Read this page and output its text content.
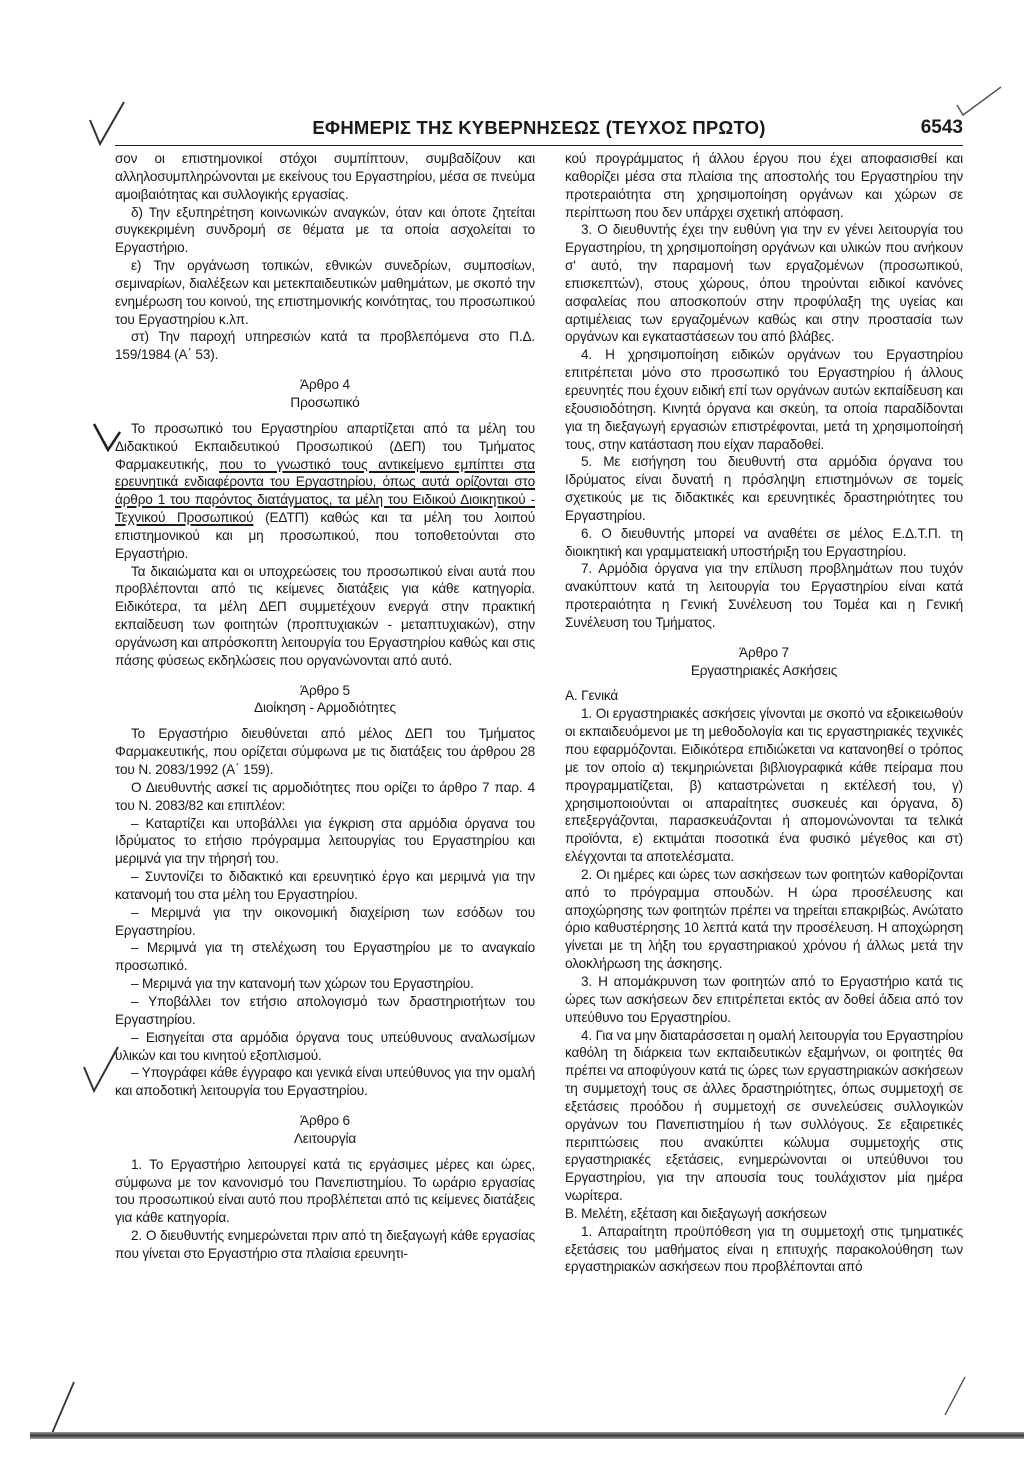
ΕΦΗΜΕΡΙΣ ΤΗΣ ΚΥΒΕΡΝΗΣΕΩΣ (ΤΕΥΧΟΣ ΠΡΩΤΟ)	6543

σον οι επιστημονικοί στόχοι συμπίπτουν, συμβαδίζουν και αλληλοσυμπληρώνονται με εκείνους του Εργαστηρίου, μέσα σε πνεύμα αμοιβαιότητας και συλλογικής εργασίας.

δ) Την εξυπηρέτηση κοινωνικών αναγκών, όταν και όποτε ζητείται συγκεκριμένη συνδρομή σε θέματα με τα οποία ασχολείται το Εργαστήριο.

ε) Την οργάνωση τοπικών, εθνικών συνεδρίων, συμποσίων, σεμιναρίων, διαλέξεων και μετεκπαιδευτικών μαθημάτων, με σκοπό την ενημέρωση του κοινού, της επιστημονικής κοινότητας, του προσωπικού του Εργαστηρίου κ.λπ.

στ) Την παροχή υπηρεσιών κατά τα προβλεπόμενα στο Π.Δ. 159/1984 (Α΄ 53).

Άρθρο 4
Προσωπικό

Το προσωπικό του Εργαστηρίου απαρτίζεται από τα μέλη του Διδακτικού Εκπαιδευτικού Προσωπικού (ΔΕΠ) του Τμήματος Φαρμακευτικής, που το γνωστικό τους αντικείμενο εμπίπτει στα ερευνητικά ενδιαφέροντα του Εργαστηρίου, όπως αυτά ορίζονται στο άρθρο 1 του παρόντος διατάγματος, τα μέλη του Ειδικού Διοικητικού - Τεχνικού Προσωπικού (ΕΔΤΠ) καθώς και τα μέλη του λοιπού επιστημονικού και μη προσωπικού, που τοποθετούνται στο Εργαστήριο.

Τα δικαιώματα και οι υποχρεώσεις του προσωπικού είναι αυτά που προβλέπονται από τις κείμενες διατάξεις για κάθε κατηγορία. Ειδικότερα, τα μέλη ΔΕΠ συμμετέχουν ενεργά στην πρακτική εκπαίδευση των φοιτητών (προπτυχιακών - μεταπτυχιακών), στην οργάνωση και απρόσκοπτη λειτουργία του Εργαστηρίου καθώς και στις πάσης φύσεως εκδηλώσεις που οργανώνονται από αυτό.

Άρθρο 5
Διοίκηση - Αρμοδιότητες

Το Εργαστήριο διευθύνεται από μέλος ΔΕΠ του Τμήματος Φαρμακευτικής, που ορίζεται σύμφωνα με τις διατάξεις του άρθρου 28 του Ν. 2083/1992 (Α΄ 159).

Ο Διευθυντής ασκεί τις αρμοδιότητες που ορίζει το άρθρο 7 παρ. 4 του Ν. 2083/82 και επιπλέον:

– Καταρτίζει και υποβάλλει για έγκριση στα αρμόδια όργανα του Ιδρύματος το ετήσιο πρόγραμμα λειτουργίας του Εργαστηρίου και μεριμνά για την τήρησή του.

– Συντονίζει το διδακτικό και ερευνητικό έργο και μεριμνά για την κατανομή του στα μέλη του Εργαστηρίου.

– Μεριμνά για την οικονομική διαχείριση των εσόδων του Εργαστηρίου.

– Μεριμνά για τη στελέχωση του Εργαστηρίου με το αναγκαίο προσωπικό.

– Μεριμνά για την κατανομή των χώρων του Εργαστηρίου.

– Υποβάλλει τον ετήσιο απολογισμό των δραστηριοτήτων του Εργαστηρίου.

– Εισηγείται στα αρμόδια όργανα τους υπεύθυνους αναλωσίμων υλικών και του κινητού εξοπλισμού.

– Υπογράφει κάθε έγγραφο και γενικά είναι υπεύθυνος για την ομαλή και αποδοτική λειτουργία του Εργαστηρίου.

Άρθρο 6
Λειτουργία

1. Το Εργαστήριο λειτουργεί κατά τις εργάσιμες μέρες και ώρες, σύμφωνα με τον κανονισμό του Πανεπιστημίου. Το ωράριο εργασίας του προσωπικού είναι αυτό που προβλέπεται από τις κείμενες διατάξεις για κάθε κατηγορία.

2. Ο διευθυντής ενημερώνεται πριν από τη διεξαγωγή κάθε εργασίας που γίνεται στο Εργαστήριο στα πλαίσια ερευνητι-

κού προγράμματος ή άλλου έργου που έχει αποφασισθεί και καθορίζει μέσα στα πλαίσια της αποστολής του Εργαστηρίου την προτεραιότητα στη χρησιμοποίηση οργάνων και χώρων σε περίπτωση που δεν υπάρχει σχετική απόφαση.

3. Ο διευθυντής έχει την ευθύνη για την εν γένει λειτουργία του Εργαστηρίου, τη χρησιμοποίηση οργάνων και υλικών που ανήκουν σ' αυτό, την παραμονή των εργαζομένων (προσωπικού, επισκεπτών), στους χώρους, όπου τηρούνται ειδικοί κανόνες ασφαλείας που αποσκοπούν στην προφύλαξη της υγείας και αρτιμέλειας των εργαζομένων καθώς και στην προστασία των οργάνων και εγκαταστάσεων του από βλάβες.

4. Η χρησιμοποίηση ειδικών οργάνων του Εργαστηρίου επιτρέπεται μόνο στο προσωπικό του Εργαστηρίου ή άλλους ερευνητές που έχουν ειδική επί των οργάνων αυτών εκπαίδευση και εξουσιοδότηση. Κινητά όργανα και σκεύη, τα οποία παραδίδονται για τη διεξαγωγή εργασιών επιστρέφονται, μετά τη χρησιμοποίησή τους, στην κατάσταση που είχαν παραδοθεί.

5. Με εισήγηση του διευθυντή στα αρμόδια όργανα του Ιδρύματος είναι δυνατή η πρόσληψη επιστημόνων σε τομείς σχετικούς με τις διδακτικές και ερευνητικές δραστηριότητες του Εργαστηρίου.

6. Ο διευθυντής μπορεί να αναθέτει σε μέλος Ε.Δ.Τ.Π. τη διοικητική και γραμματειακή υποστήριξη του Εργαστηρίου.

7. Αρμόδια όργανα για την επίλυση προβλημάτων που τυχόν ανακύπτουν κατά τη λειτουργία του Εργαστηρίου είναι κατά προτεραιότητα η Γενική Συνέλευση του Τομέα και η Γενική Συνέλευση του Τμήματος.

Άρθρο 7
Εργαστηριακές Ασκήσεις

Α. Γενικά

1. Οι εργαστηριακές ασκήσεις γίνονται με σκοπό να εξοικειωθούν οι εκπαιδευόμενοι με τη μεθοδολογία και τις εργαστηριακές τεχνικές που εφαρμόζονται. Ειδικότερα επιδιώκεται να κατανοηθεί ο τρόπος με τον οποίο α) τεκμηριώνεται βιβλιογραφικά κάθε πείραμα που προγραμματίζεται, β) καταστρώνεται η εκτέλεσή του, γ) χρησιμοποιούνται οι απαραίτητες συσκευές και όργανα, δ) επεξεργάζονται, παρασκευάζονται ή απομονώνονται τα τελικά προϊόντα, ε) εκτιμάται ποσοτικά ένα φυσικό μέγεθος και στ) ελέγχονται τα αποτελέσματα.

2. Οι ημέρες και ώρες των ασκήσεων των φοιτητών καθορίζονται από το πρόγραμμα σπουδών. Η ώρα προσέλευσης και αποχώρησης των φοιτητών πρέπει να τηρείται επακριβώς. Ανώτατο όριο καθυστέρησης 10 λεπτά κατά την προσέλευση. Η αποχώρηση γίνεται με τη λήξη του εργαστηριακού χρόνου ή άλλως μετά την ολοκλήρωση της άσκησης.

3. Η απομάκρυνση των φοιτητών από το Εργαστήριο κατά τις ώρες των ασκήσεων δεν επιτρέπεται εκτός αν δοθεί άδεια από τον υπεύθυνο του Εργαστηρίου.

4. Για να μην διαταράσσεται η ομαλή λειτουργία του Εργαστηρίου καθόλη τη διάρκεια των εκπαιδευτικών εξαμήνων, οι φοιτητές θα πρέπει να αποφύγουν κατά τις ώρες των εργαστηριακών ασκήσεων τη συμμετοχή τους σε άλλες δραστηριότητες, όπως συμμετοχή σε εξετάσεις προόδου ή συμμετοχή σε συνελεύσεις συλλογικών οργάνων του Πανεπιστημίου ή των συλλόγους. Σε εξαιρετικές περιπτώσεις που ανακύπτει κώλυμα συμμετοχής στις εργαστηριακές εξετάσεις, ενημερώνονται οι υπεύθυνοι του Εργαστηρίου, για την απουσία τους τουλάχιστον μία ημέρα νωρίτερα.

Β. Μελέτη, εξέταση και διεξαγωγή ασκήσεων

1. Απαραίτητη προϋπόθεση για τη συμμετοχή στις τμηματικές εξετάσεις του μαθήματος είναι η επιτυχής παρακολούθηση των εργαστηριακών ασκήσεων που προβλέπονται από
